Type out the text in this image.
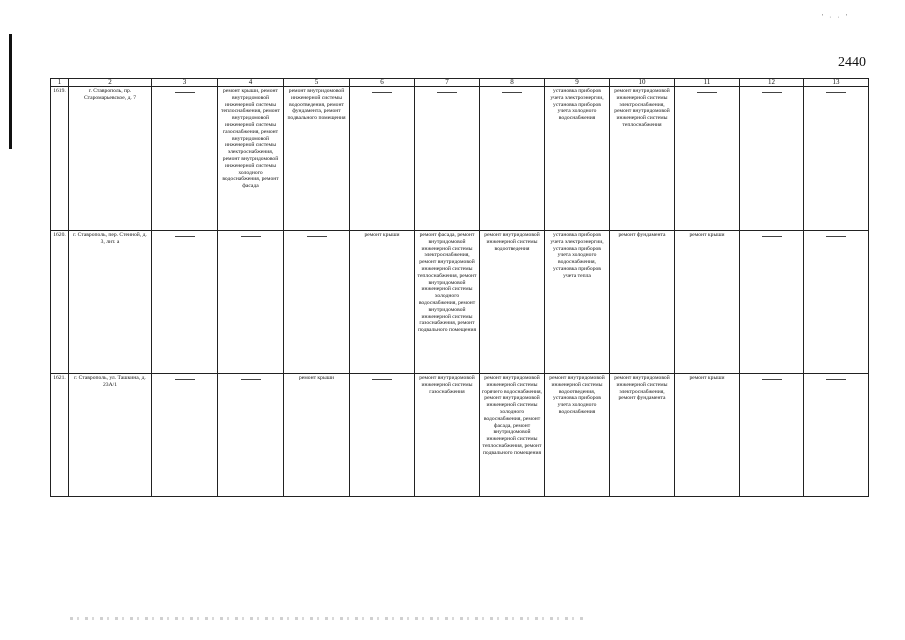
' · · '
2440
1	2	3	4	5	6	7	8	9	10	11	12	13
1619.	г. Ставрополь, пр. Старомарьевское, д. 7		ремонт крыши, ремонт внутридомовой инженерной системы теплоснабжения, ремонт внутридомовой инженерной системы газоснабжения, ремонт внутридомовой инженерной системы электроснабжения, ремонт внутридомовой инженерной системы холодного водоснабжения, ремонт фасада	ремонт внутридомовой инженерной системы водоотведения, ремонт фундамента, ремонт подвального помещения				установка приборов учета электроэнергии, установка приборов учета холодного водоснабжения	ремонт внутридомовой инженерной системы электроснабжения, ремонт внутридомовой инженерной системы теплоснабжения	

1620.	г. Ставрополь, пер. Стеиной, д. 3, лит. а				ремонт крыши	ремонт фасада, ремонт внутридомовой инженерной системы электроснабжения, ремонт внутридомовой инженерной системы теплоснабжения, ремонт внутридомовой инженерной системы холодного водоснабжения, ремонт внутридомовой инженерной системы газоснабжения, ремонт подвального помещения	ремонт внутридомовой инженерной системы водоотведения	установка приборов учета электроэнергии, установка приборов учета холодного водоснабжения, установка приборов учета тепла	ремонт фундамента	ремонт крыши	

1621.	г. Ставрополь, ул. Ташкина, д. 23А/1			ремонт крыши		ремонт внутридомовой инженерной системы газоснабжения	ремонт внутридомовой инженерной системы горячего водоснабжения, ремонт внутридомовой инженерной системы холодного водоснабжения, ремонт фасада, ремонт внутридомовой инженерной системы теплоснабжения, ремонт подвального помещения	ремонт внутридомовой инженерной системы водоотведения, установка приборов учета холодного водоснабжения	ремонт внутридомовой инженерной системы электроснабжения, ремонт фундамента	ремонт крыши	
